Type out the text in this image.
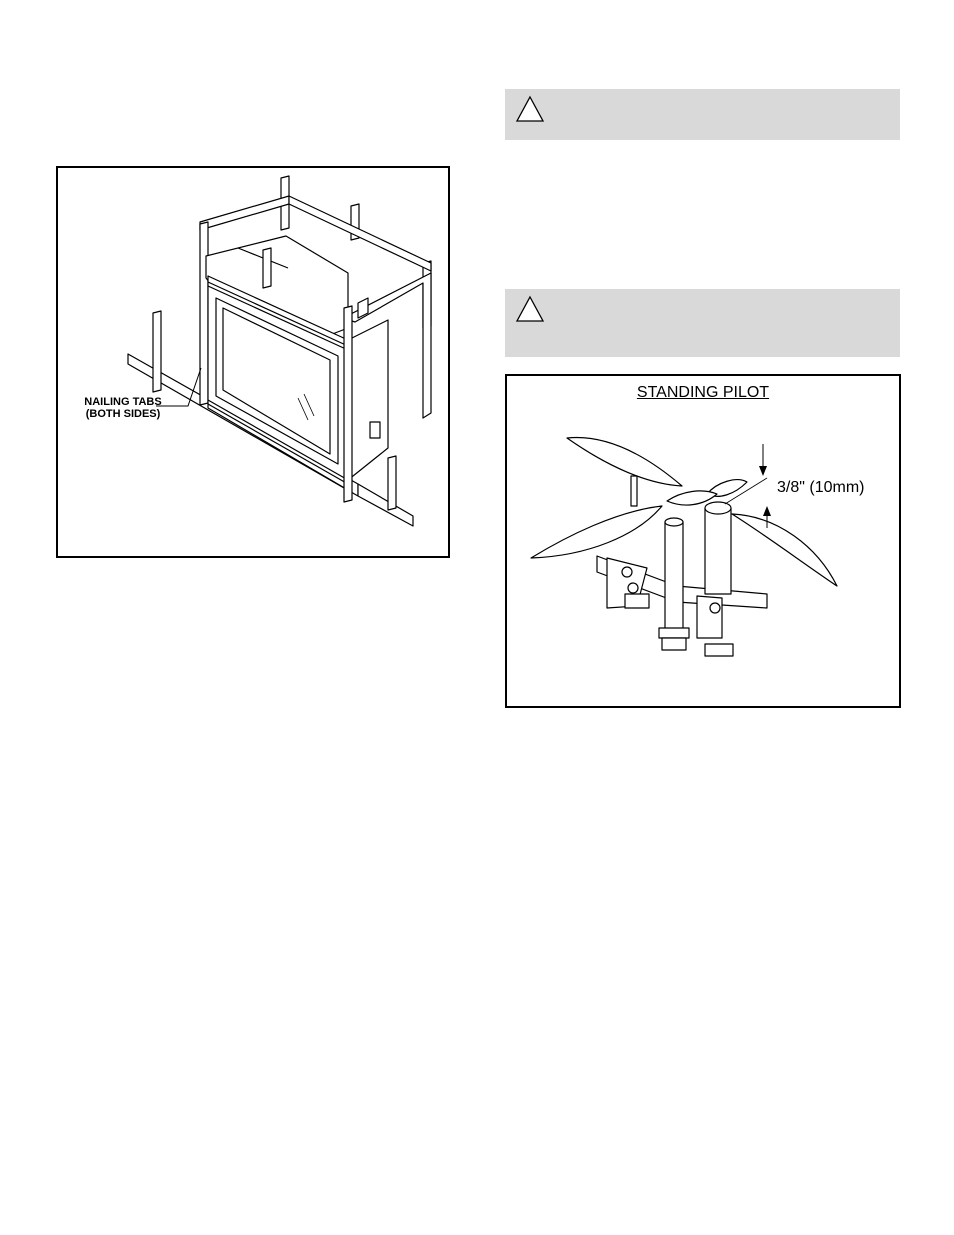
NAILING TABS
(BOTH SIDES)
STANDING PILOT
3/8" (10mm)
